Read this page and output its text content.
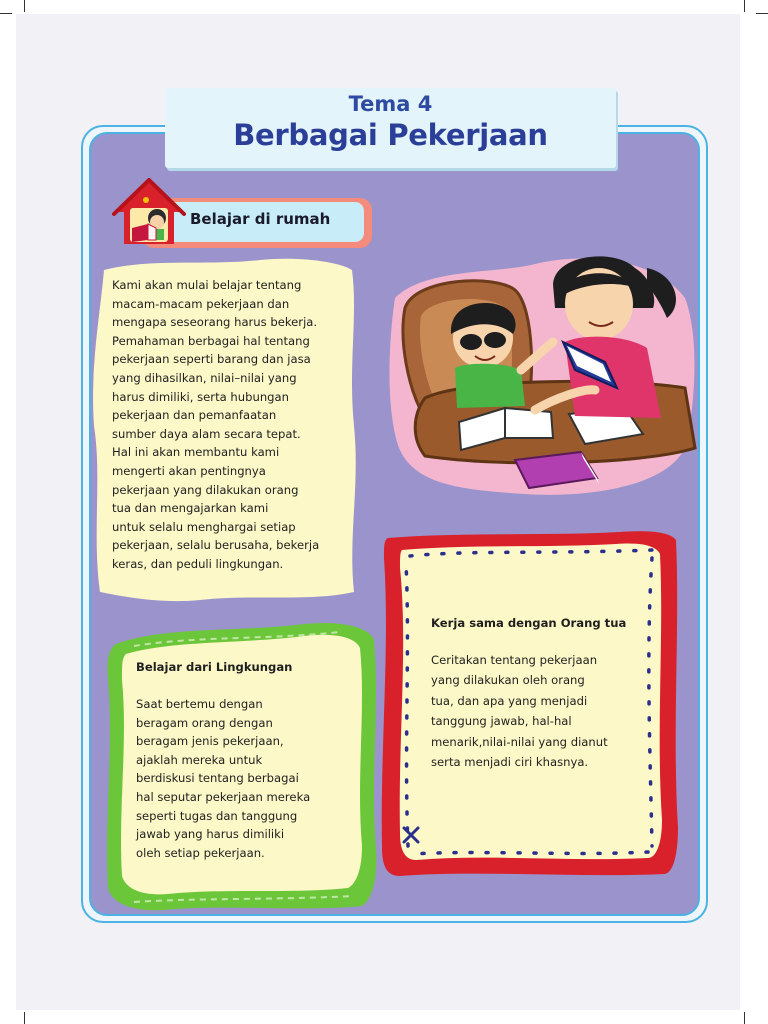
Tema 4
Berbagai Pekerjaan
Belajar di rumah

Kami akan mulai belajar tentang

macam-macam pekerjaan dan

mengapa seseorang harus bekerja.

Pemahaman berbagai hal tentang

pekerjaan seperti barang dan jasa

yang dihasilkan, nilai–nilai yang

harus dimiliki, serta hubungan

pekerjaan dan pemanfaatan

sumber daya alam secara tepat.

Hal ini akan membantu kami

mengerti akan pentingnya

pekerjaan yang dilakukan orang

tua dan mengajarkan kami

untuk selalu menghargai setiap

pekerjaan, selalu berusaha, bekerja

keras, dan peduli lingkungan.

Belajar dari Lingkungan
Saat bertemu dengan
beragam orang dengan
beragam jenis pekerjaan,
ajaklah mereka untuk
berdiskusi tentang berbagai
hal seputar pekerjaan mereka
seperti tugas dan tanggung
jawab yang harus dimiliki
oleh setiap pekerjaan.
Kerja sama dengan Orang tua
Ceritakan tentang pekerjaan
yang dilakukan oleh orang
tua, dan apa yang menjadi
tanggung jawab, hal-hal
menarik,nilai-nilai yang dianut
serta menjadi ciri khasnya.
